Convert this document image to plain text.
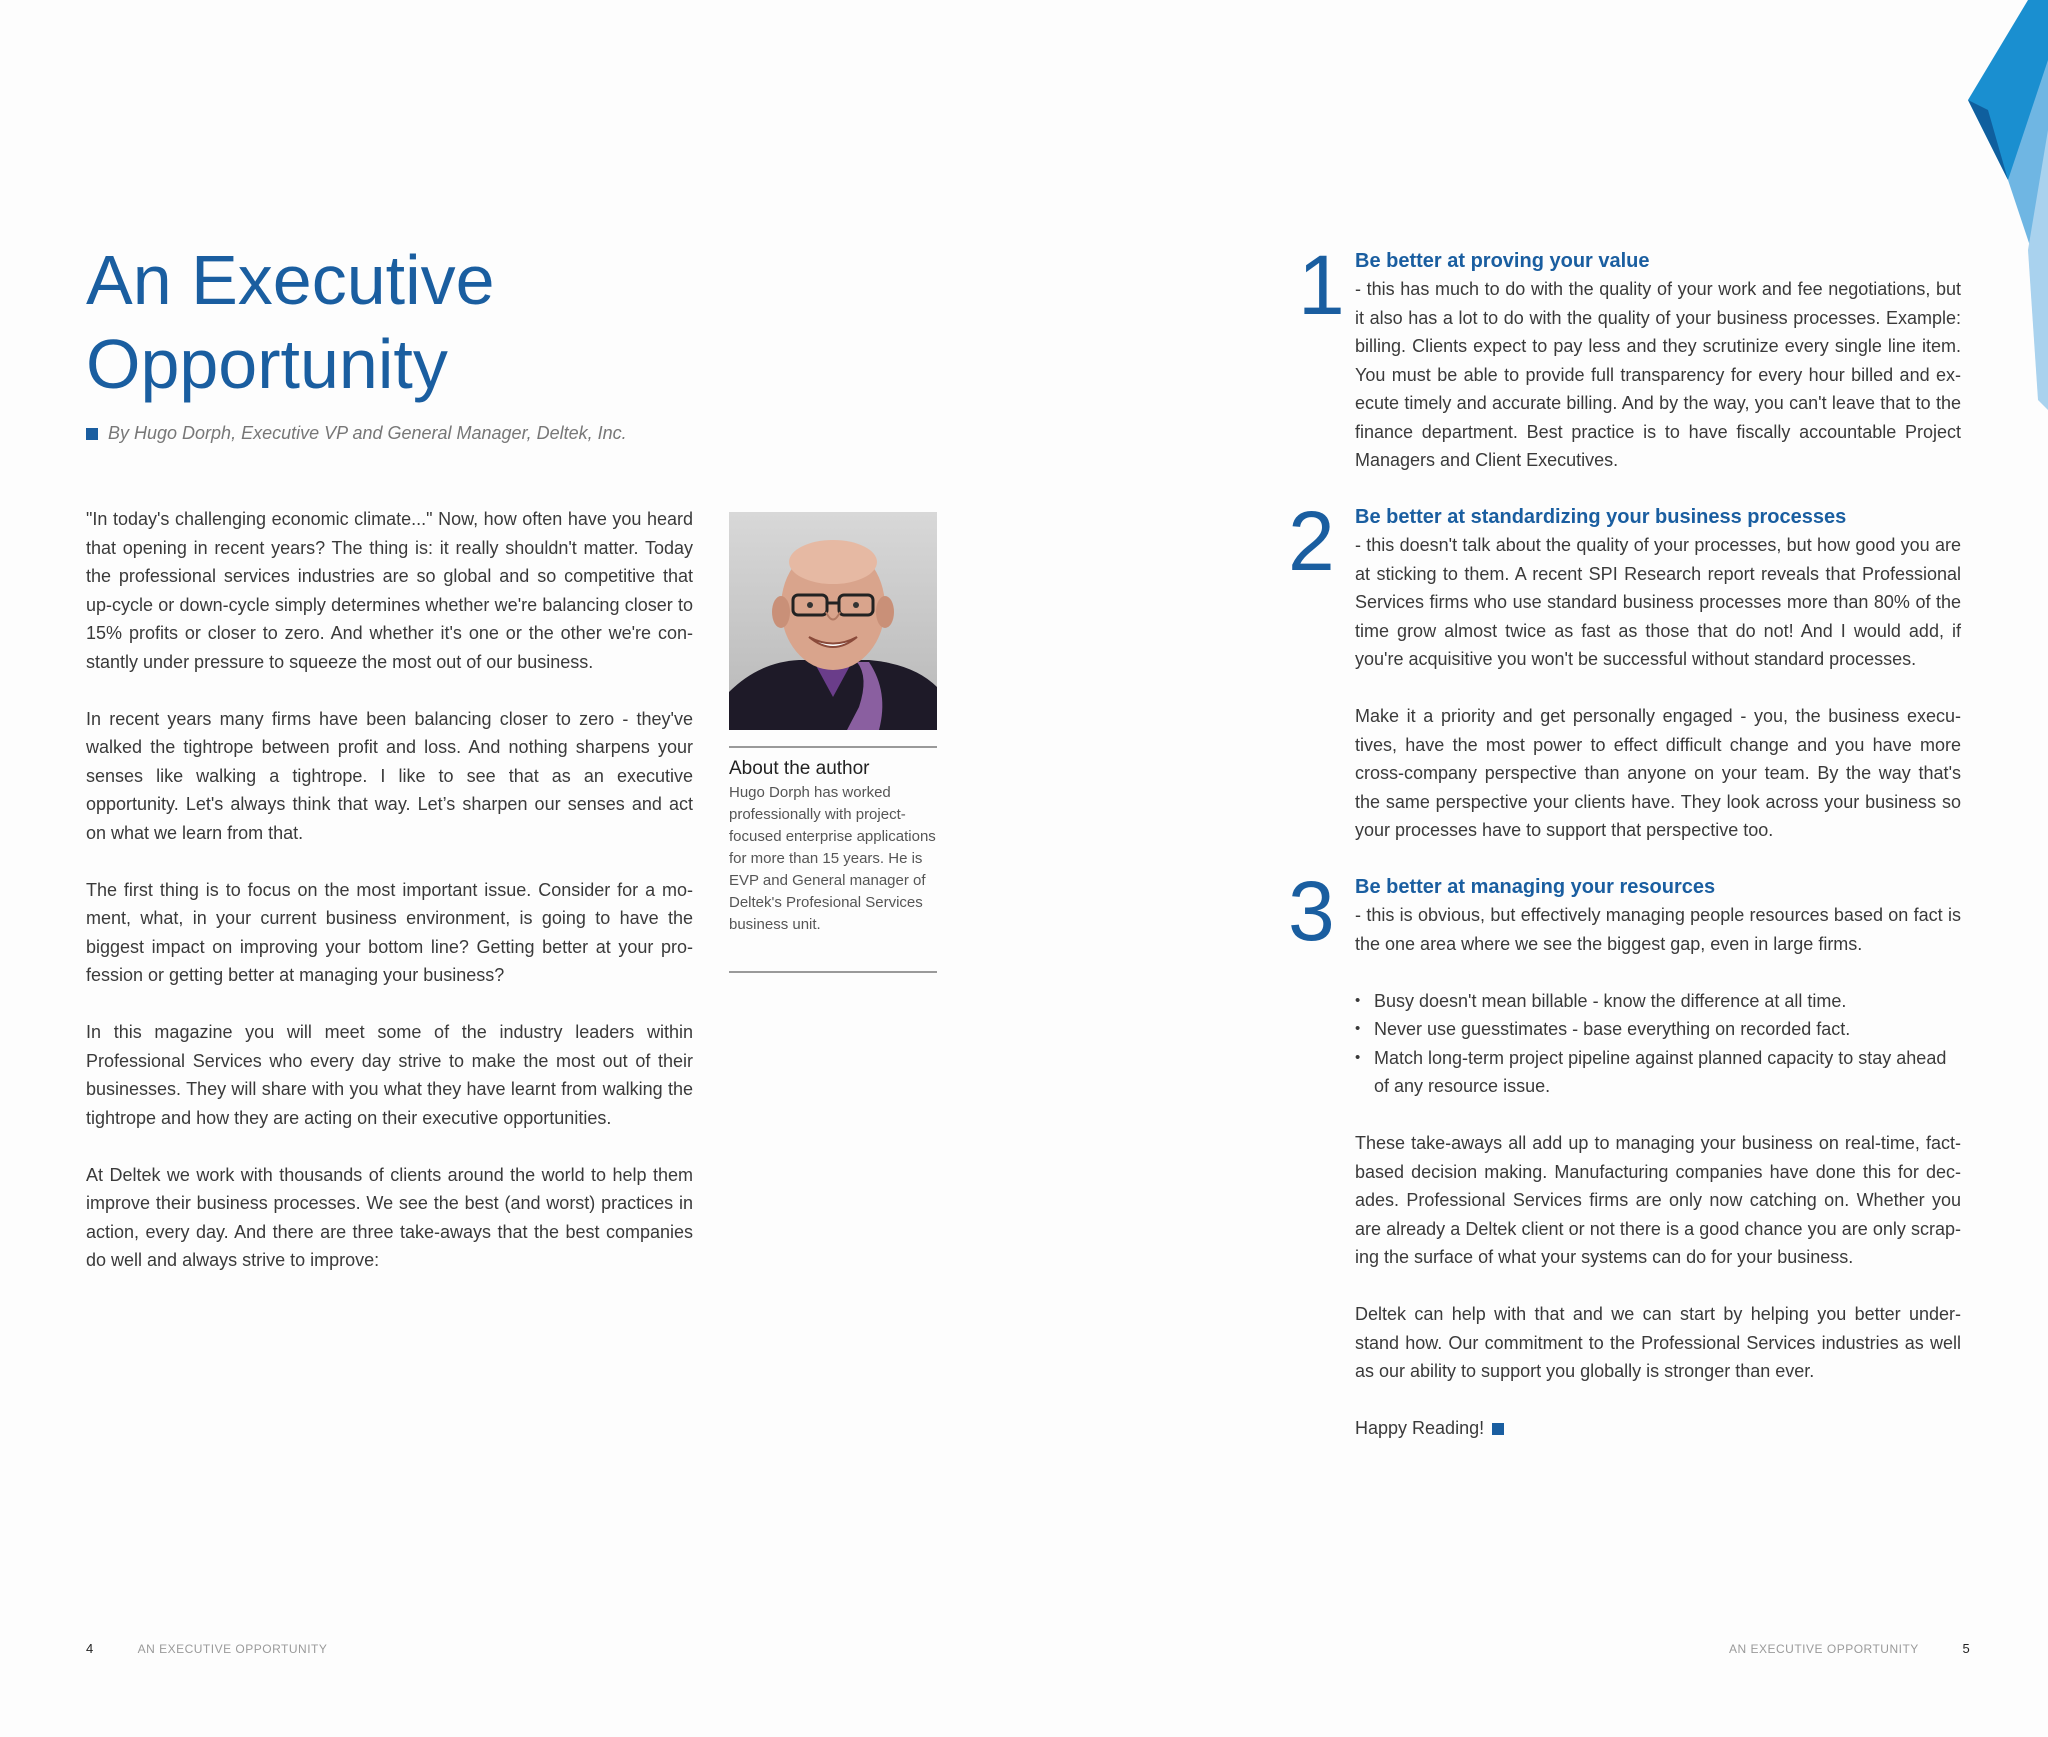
An Executive
Opportunity
By Hugo Dorph, Executive VP and General Manager, Deltek, Inc.

"In today's challenging economic climate..." Now, how often have you heard that opening in recent years? The thing is: it really shouldn't matter. Today the professional services industries are so global and so competitive that up-cycle or down-cycle simply determines whether we're balancing closer to 15% profits or closer to zero. And whether it's one or the other we're con-stantly under pressure to squeeze the most out of our business.

In recent years many firms have been balancing closer to zero - they've walked the tightrope between profit and loss. And nothing sharpens your senses like walking a tightrope. I like to see that as an executive opportunity. Let's always think that way. Let’s sharpen our senses and act on what we learn from that.

The first thing is to focus on the most important issue. Consider for a mo-ment, what, in your current business environment, is going to have the biggest impact on improving your bottom line? Getting better at your pro-fession or getting better at managing your business?

In this magazine you will meet some of the industry leaders within Professional Services who every day strive to make the most out of their businesses. They will share with you what they have learnt from walking the tightrope and how they are acting on their executive opportunities.

At Deltek we work with thousands of clients around the world to help them improve their business processes. We see the best (and worst) practices in action, every day. And there are three take-aways that the best companies do well and always strive to improve:

About the author

Hugo Dorph has worked professionally with project-focused enterprise applications for more than 15 years. He is EVP and General manager of Deltek's Profesional Services business unit.

4	AN EXECUTIVE OPPORTUNITY
1 Be better at proving your value

- this has much to do with the quality of your work and fee negotiations, but it also has a lot to do with the quality of your business processes. Example: billing. Clients expect to pay less and they scrutinize every single line item. You must be able to provide full transparency for every hour billed and ex-ecute timely and accurate billing. And by the way, you can't leave that to the finance department. Best practice is to have fiscally accountable Project Managers and Client Executives.

2 Be better at standardizing your business processes

- this doesn't talk about the quality of your processes, but how good you are at sticking to them. A recent SPI Research report reveals that Professional Services firms who use standard business processes more than 80% of the time grow almost twice as fast as those that do not! And I would add, if you're acquisitive you won't be successful without standard processes.

Make it a priority and get personally engaged - you, the business execu-tives, have the most power to effect difficult change and you have more cross-company perspective than anyone on your team. By the way that's the same perspective your clients have. They look across your business so your processes have to support that perspective too.

3 Be better at managing your resources

- this is obvious, but effectively managing people resources based on fact is the one area where we see the biggest gap, even in large firms.

• Busy doesn't mean billable - know the difference at all time.
• Never use guesstimates - base everything on recorded fact.
• Match long-term project pipeline against planned capacity to stay ahead of any resource issue.

These take-aways all add up to managing your business on real-time, fact-based decision making. Manufacturing companies have done this for dec-ades. Professional Services firms are only now catching on. Whether you are already a Deltek client or not there is a good chance you are only scrap-ing the surface of what your systems can do for your business.

Deltek can help with that and we can start by helping you better under-stand how. Our commitment to the Professional Services industries as well as our ability to support you globally is stronger than ever.

Happy Reading!

AN EXECUTIVE OPPORTUNITY	5
